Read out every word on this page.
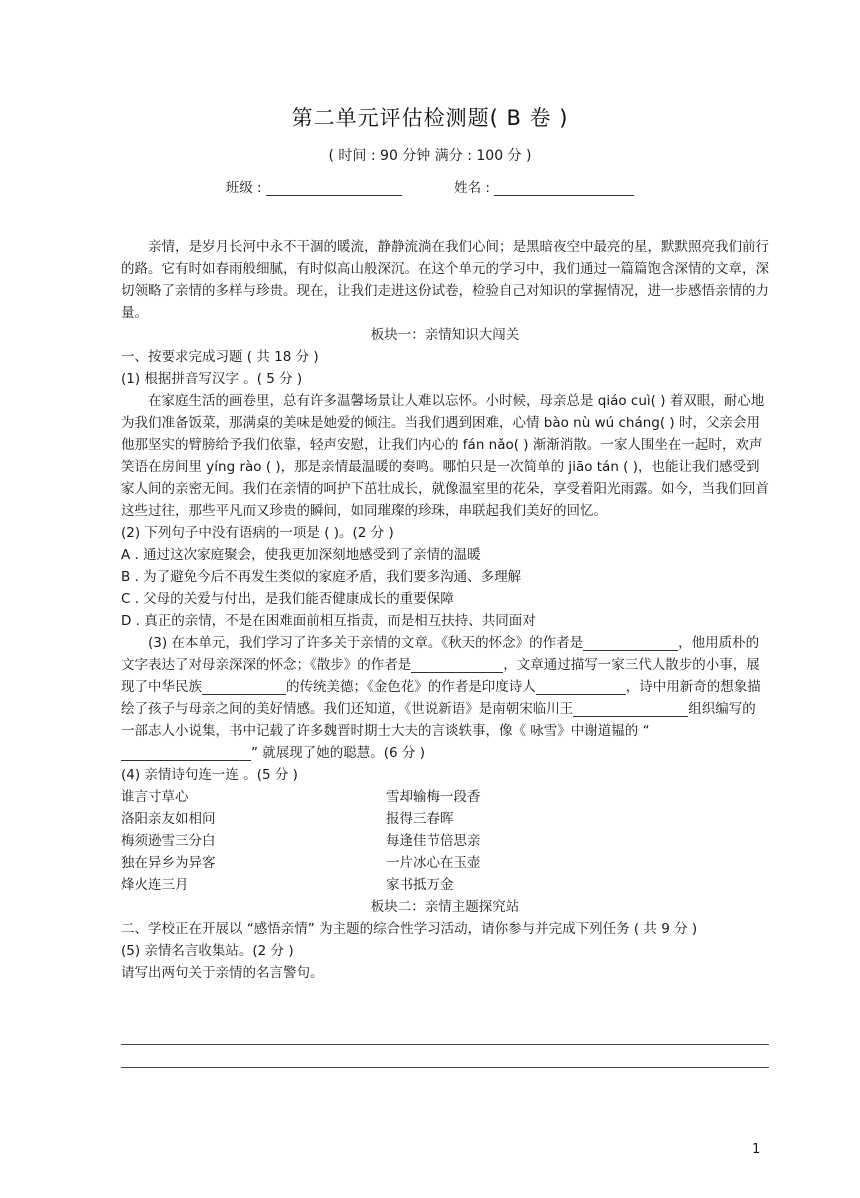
第二单元评估检测题( B 卷 )
( 时间 : 90 分钟 满分 : 100 分 )
班级 :	姓名 :

亲情，是岁月长河中永不干涸的暖流，静静流淌在我们心间；是黑暗夜空中最亮的星，默默照亮我们前行的路。它有时如春雨般细腻，有时似高山般深沉。在这个单元的学习中，我们通过一篇篇饱含深情的文章，深切领略了亲情的多样与珍贵。现在，让我们走进这份试卷，检验自己对知识的掌握情况，进一步感悟亲情的力量。

板块一：亲情知识大闯关

一、按要求完成习题 ( 共 18 分 )

(1) 根据拼音写汉字 。( 5 分 )

在家庭生活的画卷里，总有许多温馨场景让人难以忘怀。小时候，母亲总是 qiáo cuì( ) 着双眼，耐心地为我们准备饭菜，那满桌的美味是她爱的倾注。当我们遇到困难，心情 bào nù wú cháng( ) 时，父亲会用他那坚实的臂膀给予我们依靠，轻声安慰，让我们内心的 fán nǎo( ) 渐渐消散。一家人围坐在一起时，欢声笑语在房间里 yíng rào ( )，那是亲情最温暖的奏鸣。哪怕只是一次简单的 jiāo tán ( )，也能让我们感受到家人间的亲密无间。我们在亲情的呵护下茁壮成长，就像温室里的花朵，享受着阳光雨露。如今，当我们回首这些过往，那些平凡而又珍贵的瞬间，如同璀璨的珍珠，串联起我们美好的回忆。

(2) 下列句子中没有语病的一项是 ( )。(2 分 )

A . 通过这次家庭聚会，使我更加深刻地感受到了亲情的温暖

B . 为了避免今后不再发生类似的家庭矛盾，我们要多沟通、多理解

C . 父母的关爱与付出，是我们能否健康成长的重要保障

D . 真正的亲情，不是在困难面前相互指责，而是相互扶持、共同面对

(3) 在本单元，我们学习了许多关于亲情的文章。《秋天的怀念》的作者是	，他用质朴的文字表达了对母亲深深的怀念；《散步》的作者是	，文章通过描写一家三代人散步的小事，展现了中华民族	的传统美德；《金色花》的作者是印度诗人	，诗中用新奇的想象描绘了孩子与母亲之间的美好情感。我们还知道，《世说新语》是南朝宋临川王	组织编写的一部志人小说集，书中记载了许多魏晋时期士大夫的言谈轶事，像《 咏雪》中谢道韫的 “” 就展现了她的聪慧。(6 分 )

(4) 亲情诗句连一连 。(5 分 )

谁言寸草心	雪却输梅一段香
洛阳亲友如相问	报得三春晖
梅须逊雪三分白	每逢佳节倍思亲
独在异乡为异客	一片冰心在玉壶
烽火连三月	家书抵万金

板块二：亲情主题探究站

二、学校正在开展以 “感悟亲情” 为主题的综合性学习活动，请你参与并完成下列任务 ( 共 9 分 )

(5) 亲情名言收集站。(2 分 )

请写出两句关于亲情的名言警句。

1
